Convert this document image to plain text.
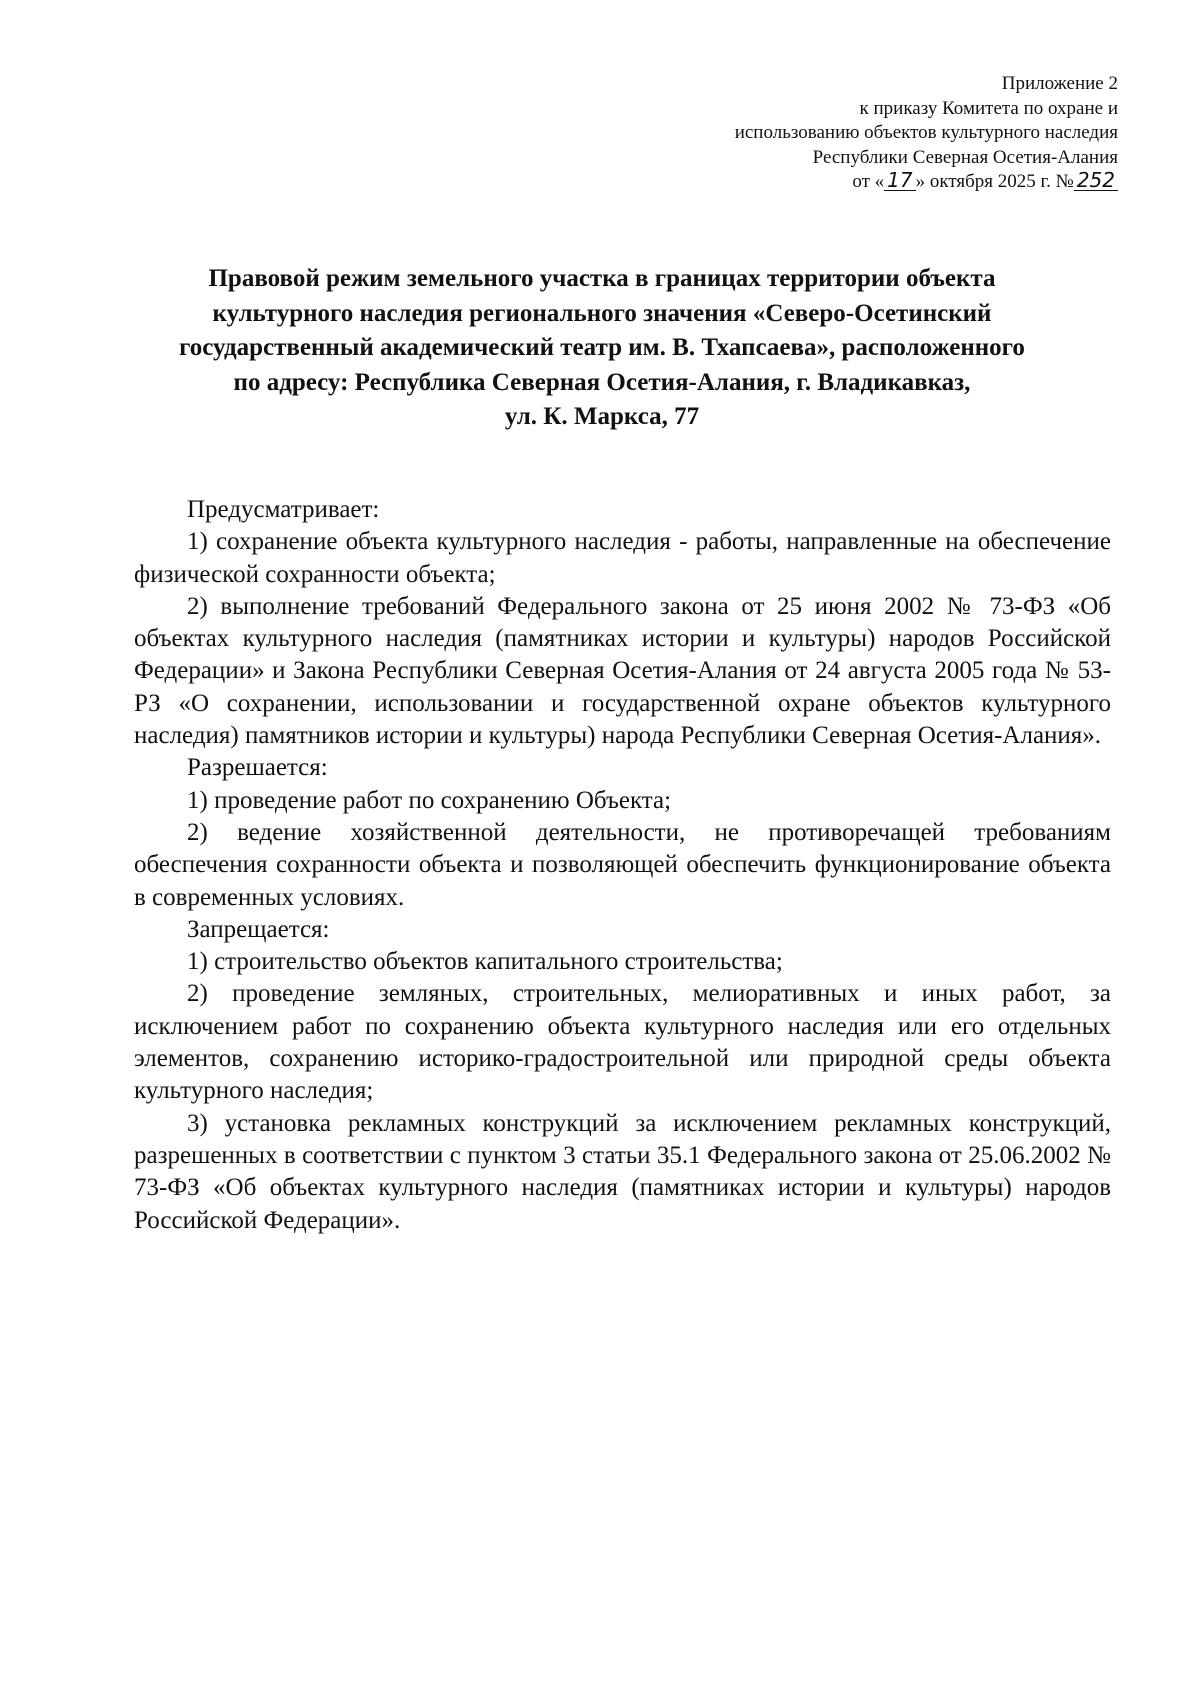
Приложение 2
к приказу Комитета по охране и
использованию объектов культурного наследия
Республики Северная Осетия-Алания
от « 17 » октября 2025 г. № 252
Правовой режим земельного участка в границах территории объекта
культурного наследия регионального значения «Северо-Осетинский
государственный академический театр им. В. Тхапсаева», расположенного
по адресу: Республика Северная Осетия-Алания, г. Владикавказ,
ул. К. Маркса, 77

Предусматривает:

1) сохранение объекта культурного наследия - работы, направленные на обеспечение физической сохранности объекта;

2) выполнение требований Федерального закона от 25 июня 2002 № 73-ФЗ «Об объектах культурного наследия (памятниках истории и культуры) народов Российской Федерации» и Закона Республики Северная Осетия-Алания от 24 августа 2005 года № 53-РЗ «О сохранении, использовании и государственной охране объектов культурного наследия) памятников истории и культуры) народа Республики Северная Осетия-Алания».

Разрешается:

1) проведение работ по сохранению Объекта;

2) ведение хозяйственной деятельности, не противоречащей требованиям обеспечения сохранности объекта и позволяющей обеспечить функционирование объекта в современных условиях.

Запрещается:

1) строительство объектов капитального строительства;

2) проведение земляных, строительных, мелиоративных и иных работ, за исключением работ по сохранению объекта культурного наследия или его отдельных элементов, сохранению историко-градостроительной или природной среды объекта культурного наследия;

3) установка рекламных конструкций за исключением рекламных конструкций, разрешенных в соответствии с пунктом 3 статьи 35.1 Федерального закона от 25.06.2002 № 73-ФЗ «Об объектах культурного наследия (памятниках истории и культуры) народов Российской Федерации».
